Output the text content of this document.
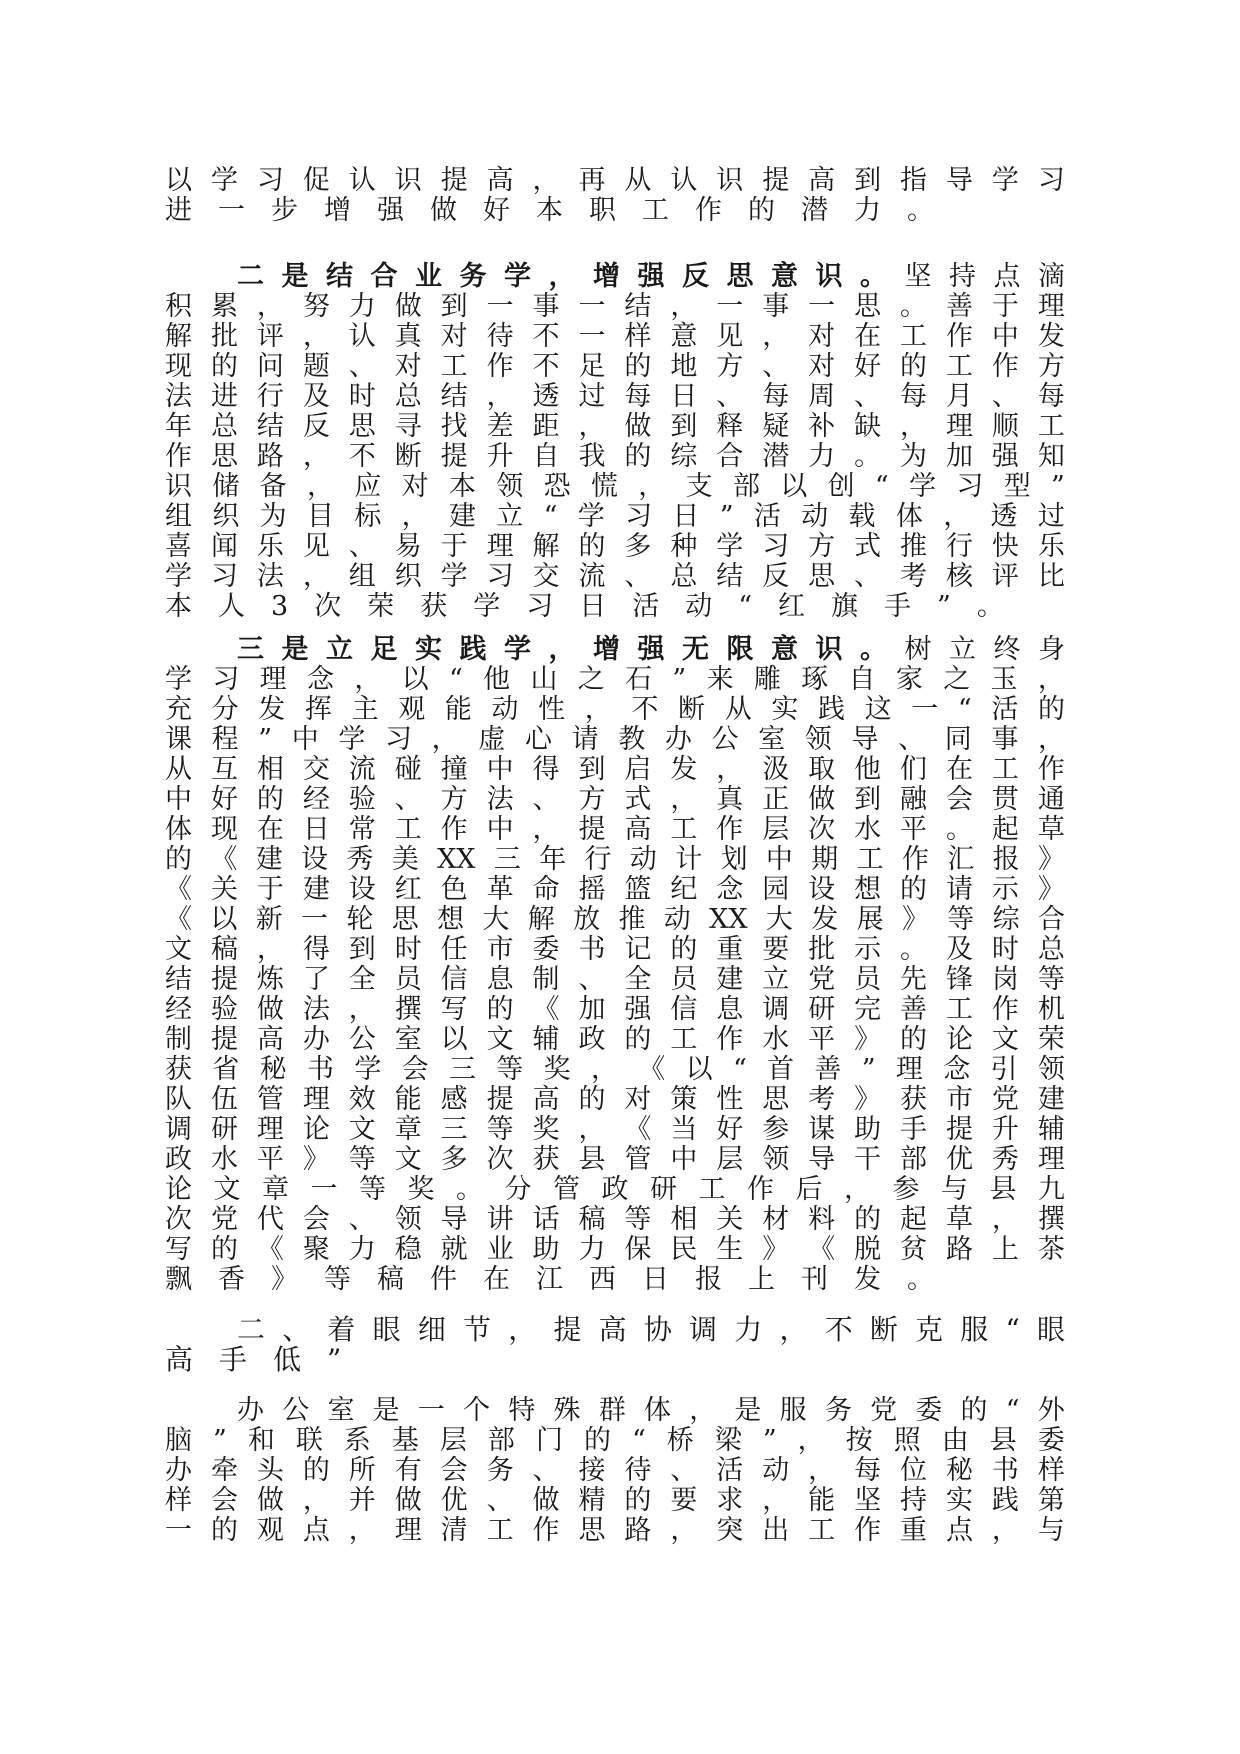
以 学 习 促 认 识 提 高 ， 再 从 认 识 提 高 到 指 导 学 习
进 一 步 增 强 做 好 本 职 工 作 的 潜 力 。
二 是 结 合 业 务 学 ， 增 强 反 思 意 识 。 坚 持 点 滴
积 累 ， 努 力 做 到 一 事 一 结 ， 一 事 一 思 。 善 于 理
解 批 评 ， 认 真 对 待 不 一 样 意 见 ， 对 在 工 作 中 发
现 的 问 题 、 对 工 作 不 足 的 地 方 、 对 好 的 工 作 方
法 进 行 及 时 总 结 ， 透 过 每 日 、 每 周 、 每 月 、 每
年 总 结 反 思 寻 找 差 距 ， 做 到 释 疑 补 缺 ， 理 顺 工
作 思 路 ， 不 断 提 升 自 我 的 综 合 潜 力 。 为 加 强 知
识 储 备 ， 应 对 本 领 恐 慌 ， 支 部 以 创 “ 学 习 型 ”
组 织 为 目 标 ， 建 立 “ 学 习 日 ” 活 动 载 体 ， 透 过
喜 闻 乐 见 、 易 于 理 解 的 多 种 学 习 方 式 推 行 快 乐
学 习 法 ， 组 织 学 习 交 流 、 总 结 反 思 、 考 核 评 比
本 人 3 次 荣 获 学 习 日 活 动 “ 红 旗 手 ” 。
三 是 立 足 实 践 学 ， 增 强 无 限 意 识 。 树 立 终 身
学 习 理 念 ， 以 “ 他 山 之 石 ” 来 雕 琢 自 家 之 玉 ，
充 分 发 挥 主 观 能 动 性 ， 不 断 从 实 践 这 一 “ 活 的
课 程 ” 中 学 习 ， 虚 心 请 教 办 公 室 领 导 、 同 事 ，
从 互 相 交 流 碰 撞 中 得 到 启 发 ， 汲 取 他 们 在 工 作
中 好 的 经 验 、 方 法 、 方 式 ， 真 正 做 到 融 会 贯 通
体 现 在 日 常 工 作 中 ， 提 高 工 作 层 次 水 平 。 起 草
的 《 建 设 秀 美 XX 三 年 行 动 计 划 中 期 工 作 汇 报 》
《 关 于 建 设 红 色 革 命 摇 篮 纪 念 园 设 想 的 请 示 》
《 以 新 一 轮 思 想 大 解 放 推 动 XX 大 发 展 》 等 综 合
文 稿 ， 得 到 时 任 市 委 书 记 的 重 要 批 示 。 及 时 总
结 提 炼 了 全 员 信 息 制 、 全 员 建 立 党 员 先 锋 岗 等
经 验 做 法 ， 撰 写 的 《 加 强 信 息 调 研 完 善 工 作 机
制 提 高 办 公 室 以 文 辅 政 的 工 作 水 平 》 的 论 文 荣
获 省 秘 书 学 会 三 等 奖 ， 《 以 “ 首 善 ” 理 念 引 领
队 伍 管 理 效 能 感 提 高 的 对 策 性 思 考 》 获 市 党 建
调 研 理 论 文 章 三 等 奖 ， 《 当 好 参 谋 助 手 提 升 辅
政 水 平 》 等 文 多 次 获 县 管 中 层 领 导 干 部 优 秀 理
论 文 章 一 等 奖 。 分 管 政 研 工 作 后 ， 参 与 县 九
次 党 代 会 、 领 导 讲 话 稿 等 相 关 材 料 的 起 草 ， 撰
写 的 《 聚 力 稳 就 业 助 力 保 民 生 》 《 脱 贫 路 上 茶
飘 香 》 等 稿 件 在 江 西 日 报 上 刊 发 。
二 、 着 眼 细 节 ， 提 高 协 调 力 ， 不 断 克 服 “ 眼
高 手 低 ”
办 公 室 是 一 个 特 殊 群 体 ， 是 服 务 党 委 的 “ 外
脑 ” 和 联 系 基 层 部 门 的 “ 桥 梁 ” ， 按 照 由 县 委
办 牵 头 的 所 有 会 务 、 接 待 、 活 动 ， 每 位 秘 书 样
样 会 做 ， 并 做 优 、 做 精 的 要 求 ， 能 坚 持 实 践 第
一 的 观 点 ， 理 清 工 作 思 路 ， 突 出 工 作 重 点 ， 与
